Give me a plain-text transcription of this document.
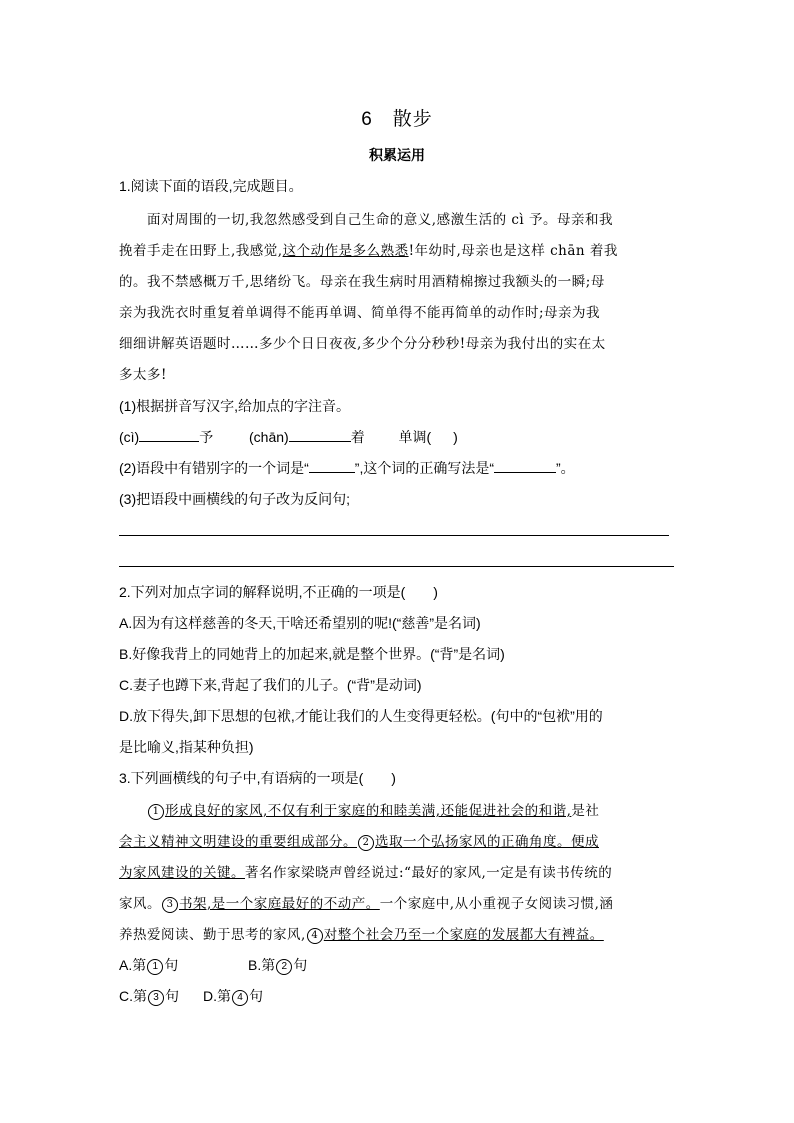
6　散步
积累运用
1.阅读下面的语段,完成题目。
　　面对周围的一切,我忽然感受到自己生命的意义,感激生活的 cì 予。母亲和我
挽着手走在田野上,我感觉,这个动作是多么熟悉!年幼时,母亲也是这样 chān 着我
的。我不禁感概万千,思绪纷飞。母亲在我生病时用酒精棉擦过我额头的一瞬;母
亲为我洗衣时重复着单调得不能再单调、简单得不能再简单的动作时;母亲为我
细细讲解英语题时……多少个日日夜夜,多少个分分秒秒!母亲为我付出的实在太
多太多!
(1)根据拼音写汉字,给加点的字注音。
(cì)	予	(chān)	着 单调( )
(2)语段中有错别字的一个词是“	”,这个词的正确写法是“	”。
(3)把语段中画横线的句子改为反问句;
2.下列对加点字词的解释说明,不正确的一项是(　　)
A.因为有这样慈善的冬天,干啥还希望别的呢!(“慈善”是名词)
B.好像我背上的同她背上的加起来,就是整个世界。(“背”是名词)
C.妻子也蹲下来,背起了我们的儿子。(“背”是动词)
D.放下得失,卸下思想的包袱,才能让我们的人生变得更轻松。(句中的“包袱”用的
是比喻义,指某种负担)
3.下列画横线的句子中,有语病的一项是(　　)
1 形成良好的家风,不仅有利于家庭的和睦美满,还能促进社会的和谐,是社
会主义精神文明建设的重要组成部分。 2 选取一个弘扬家风的正确角度。便成
为家风建设的关键。著名作家梁晓声曾经说过:“最好的家风,一定是有读书传统的
家风。 3 书架,是一个家庭最好的不动产。一个家庭中,从小重视子女阅读习惯,涵
养热爱阅读、勤于思考的家风, 4 对整个社会乃至一个家庭的发展都大有裨益。
A.第 1 句	B.第 2 句
C.第 3 句 D.第 4 句
